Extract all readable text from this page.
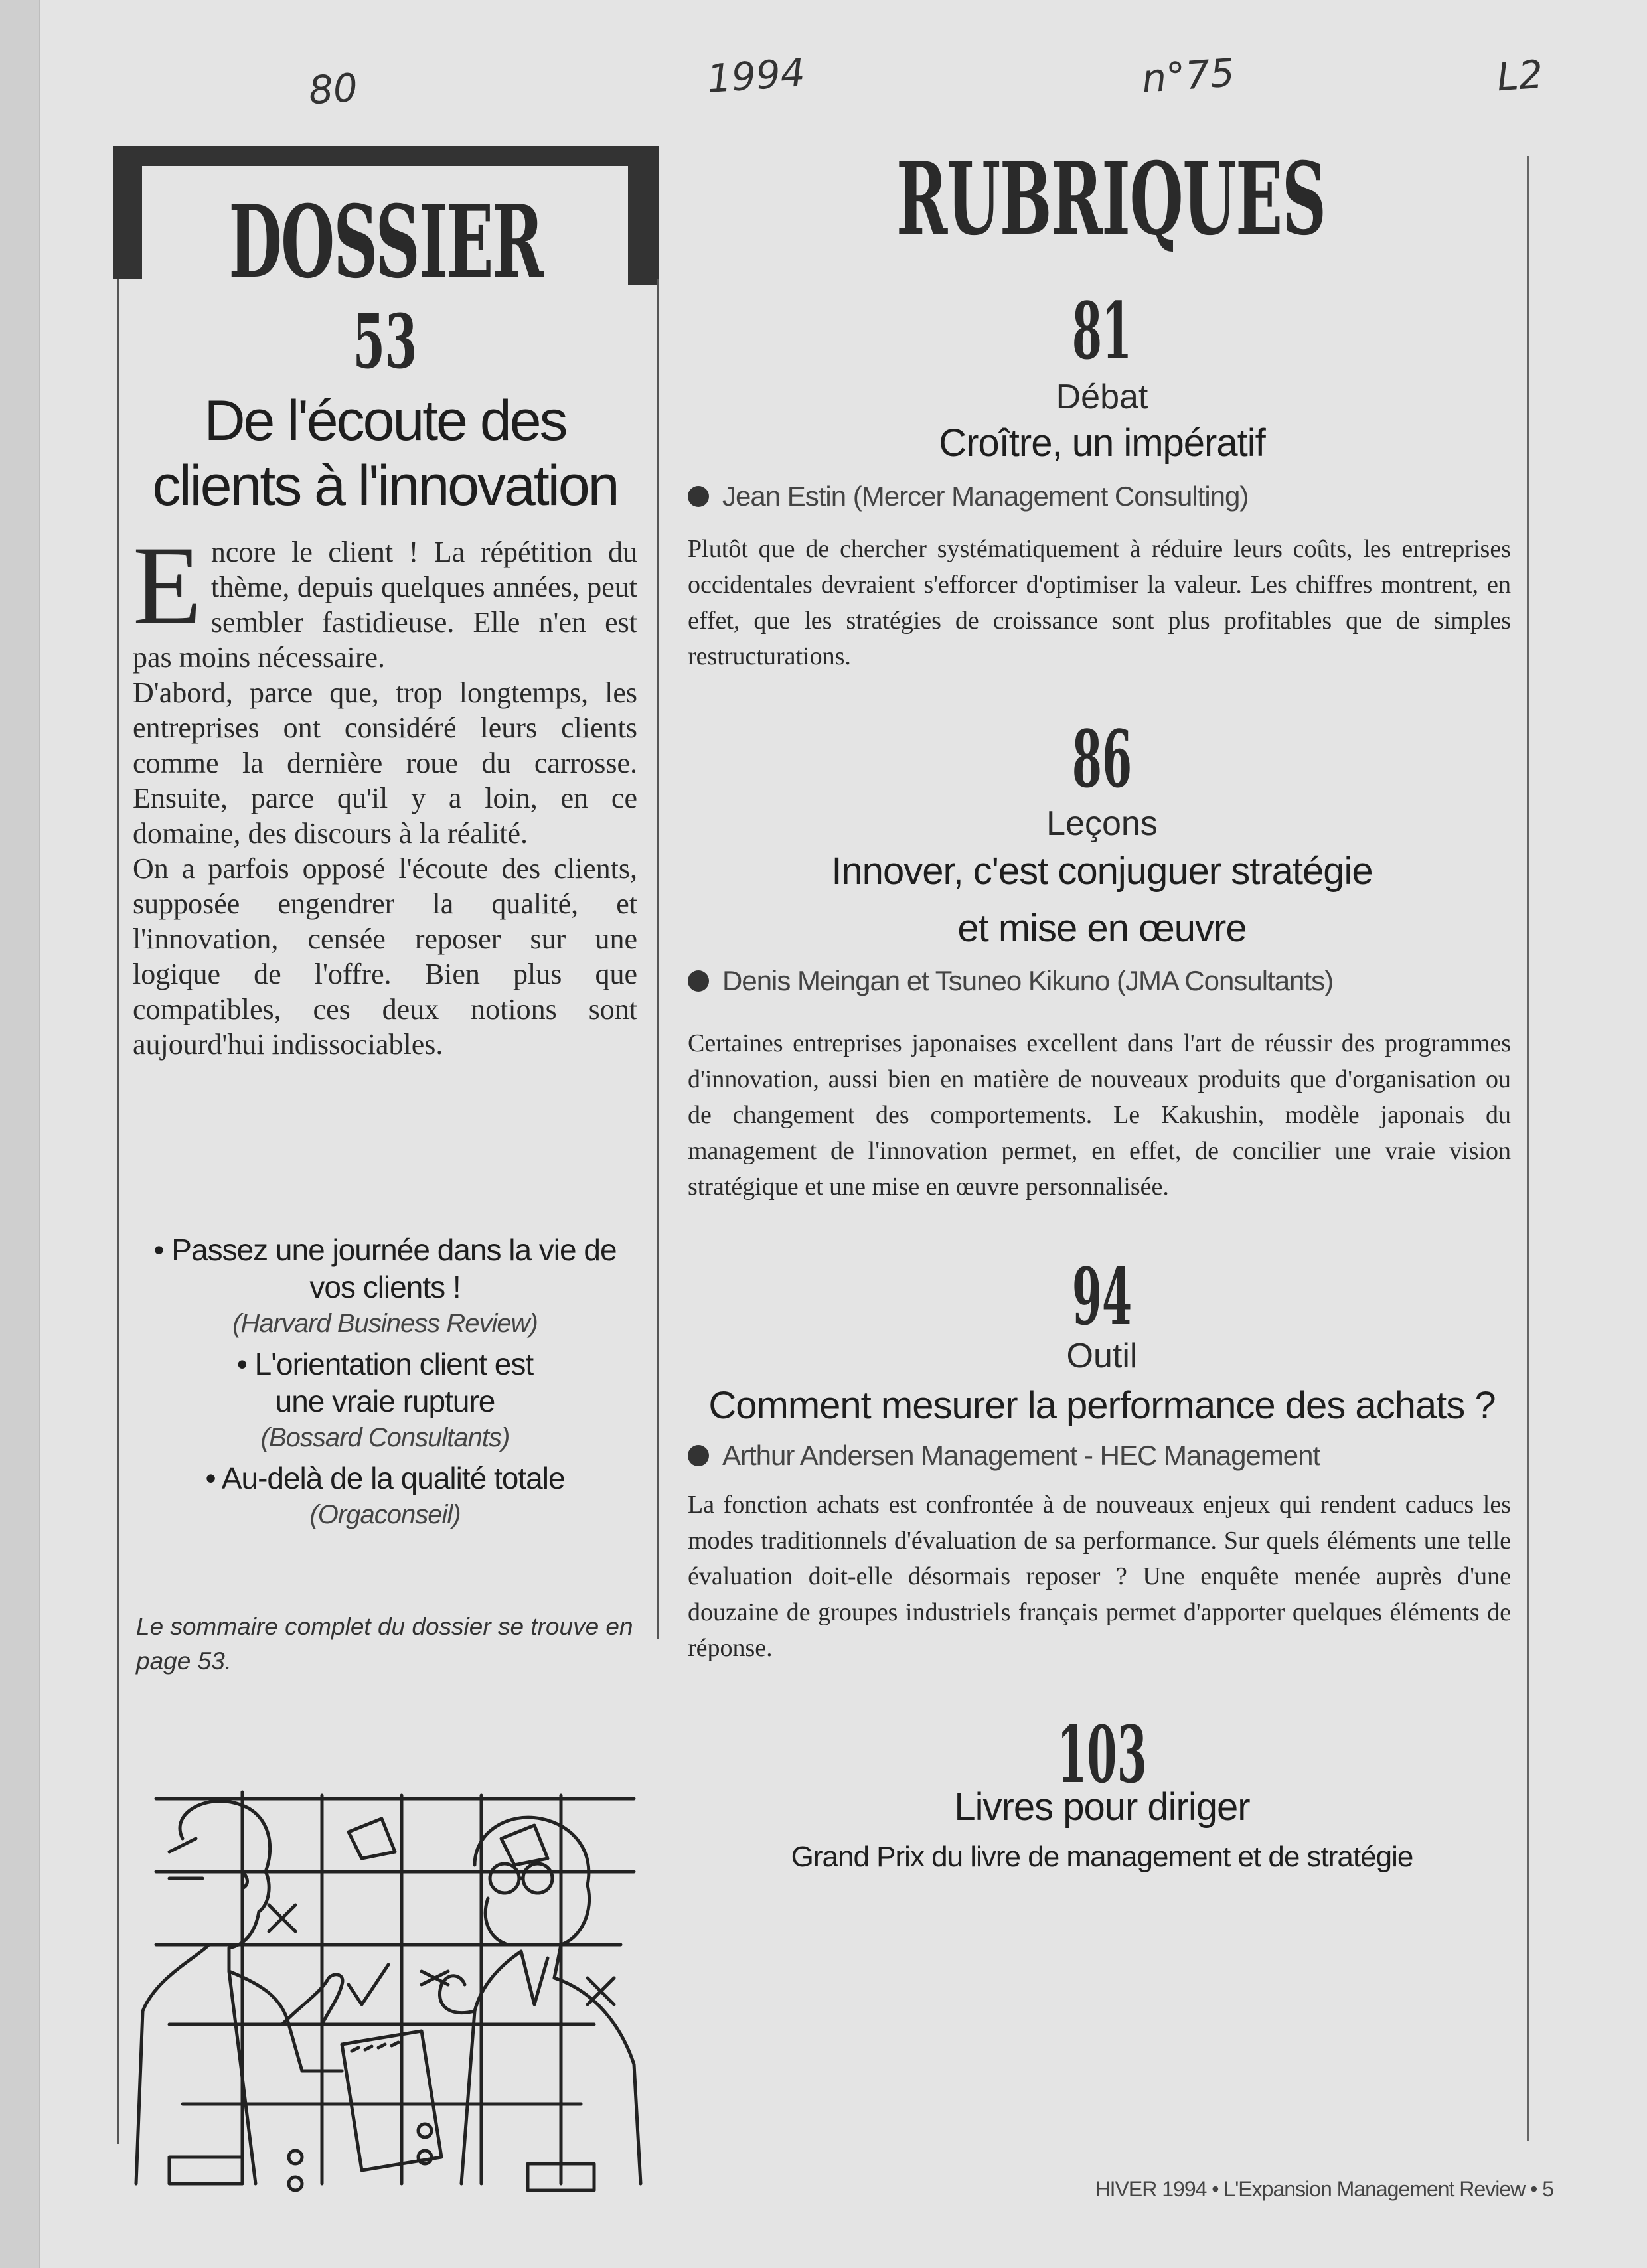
80	1994	n°75	L2
DOSSIER
53
De l'écoute des
clients à l'innovation

Encore le client ! La répétition du thème, depuis quelques années, peut sembler fastidieuse. Elle n'en est pas moins nécessaire.

D'abord, parce que, trop longtemps, les entreprises ont considéré leurs clients comme la dernière roue du carrosse. Ensuite, parce qu'il y a loin, en ce domaine, des discours à la réalité.

On a parfois opposé l'écoute des clients, supposée engendrer la qualité, et l'innovation, censée reposer sur une logique de l'offre. Bien plus que compatibles, ces deux notions sont aujourd'hui indissociables.

• Passez une journée dans la vie de

vos clients !

(Harvard Business Review)

• L'orientation client est

une vraie rupture

(Bossard Consultants)

• Au-delà de la qualité totale

(Orgaconseil)

Le sommaire complet du dossier se trouve en page 53.
RUBRIQUES
81
Débat
Croître, un impératif
Jean Estin (Mercer Management Consulting)
Plutôt que de chercher systématiquement à réduire leurs coûts, les entreprises occidentales devraient s'efforcer d'optimiser la valeur. Les chiffres montrent, en effet, que les stratégies de croissance sont plus profitables que de simples restructurations.
86
Leçons
Innover, c'est conjuguer stratégie
et mise en œuvre
Denis Meingan et Tsuneo Kikuno (JMA Consultants)
Certaines entreprises japonaises excellent dans l'art de réussir des programmes d'innovation, aussi bien en matière de nouveaux produits que d'organisation ou de changement des comportements. Le Kakushin, modèle japonais du management de l'innovation permet, en effet, de concilier une vraie vision stratégique et une mise en œuvre personnalisée.
94
Outil
Comment mesurer la performance des achats ?
Arthur Andersen Management - HEC Management
La fonction achats est confrontée à de nouveaux enjeux qui rendent caducs les modes traditionnels d'évaluation de sa performance. Sur quels éléments une telle évaluation doit-elle désormais reposer ? Une enquête menée auprès d'une douzaine de groupes industriels français permet d'apporter quelques éléments de réponse.
103
Livres pour diriger
Grand Prix du livre de management et de stratégie
HIVER 1994 • L'Expansion Management Review • 5
